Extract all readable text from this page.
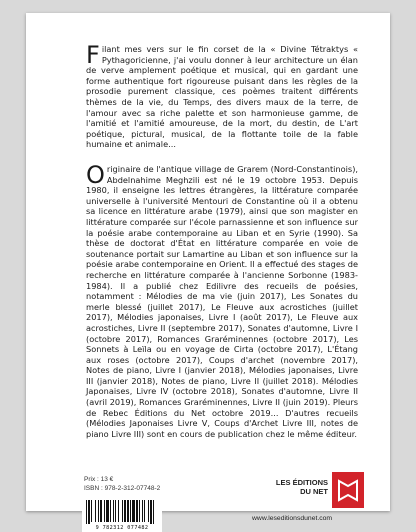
Filant mes vers sur le fin corset de la « Divine Tétraktys « Pythagoricienne, j'ai voulu donner à leur architecture un élan de verve amplement poétique et musical, qui en gardant une forme authentique fort rigoureuse puisant dans les règles de la prosodie purement classique, ces poèmes traitent différents thèmes de la vie, du Temps, des divers maux de la terre, de l'amour avec sa riche palette et son harmonieuse gamme, de l'amitié et l'amitié amoureuse, de la mort, du destin, de L'art poétique, pictural, musical, de la flottante toile de la fable humaine et animale...

Originaire de l'antique village de Grarem (Nord-Constantinois), Abdelnahime Meghzili est né le 19 octobre 1953. Depuis 1980, il enseigne les lettres étrangères, la littérature comparée universelle à l'université Mentouri de Constantine où il a obtenu sa licence en littérature arabe (1979), ainsi que son magister en littérature comparée sur l'école parnassienne et son influence sur la poésie arabe contemporaine au Liban et en Syrie (1990). Sa thèse de doctorat d'État en littérature comparée en voie de soutenance portait sur Lamartine au Liban et son influence sur la poésie arabe contemporaine en Orient. Il a effectué des stages de recherche en littérature comparée à l'ancienne Sorbonne (1983-1984). Il a publié chez Edilivre des recueils de poésies, notamment : Mélodies de ma vie (juin 2017), Les Sonates du merle blessé (juillet 2017), Le Fleuve aux acrostiches (juillet 2017), Mélodies japonaises, Livre I (août 2017), Le Fleuve aux acrostiches, Livre II (septembre 2017), Sonates d'automne, Livre I (octobre 2017), Romances Graréminennes (octobre 2017), Les Sonnets à Leïla ou en voyage de Cirta (octobre 2017), L'Étang aux roses (octobre 2017), Coups d'archet (novembre 2017), Notes de piano, Livre I (janvier 2018), Mélodies japonaises, Livre III (janvier 2018), Notes de piano, Livre II (juillet 2018). Mélodies Japonaises, Livre IV (octobre 2018), Sonates d'automne, Livre II (avril 2019), Romances Graréminennes, Livre II (juin 2019). Pleurs de Rebec Éditions du Net octobre 2019... D'autres recueils (Mélodies Japonaises Livre V, Coups d'Archet Livre III, notes de piano Livre III) sont en cours de publication chez le même éditeur.

Prix : 13 €
ISBN : 978-2-312-07748-2
9 782312 077482
LES ÉDITIONS
DU NET
www.leseditionsdunet.com
